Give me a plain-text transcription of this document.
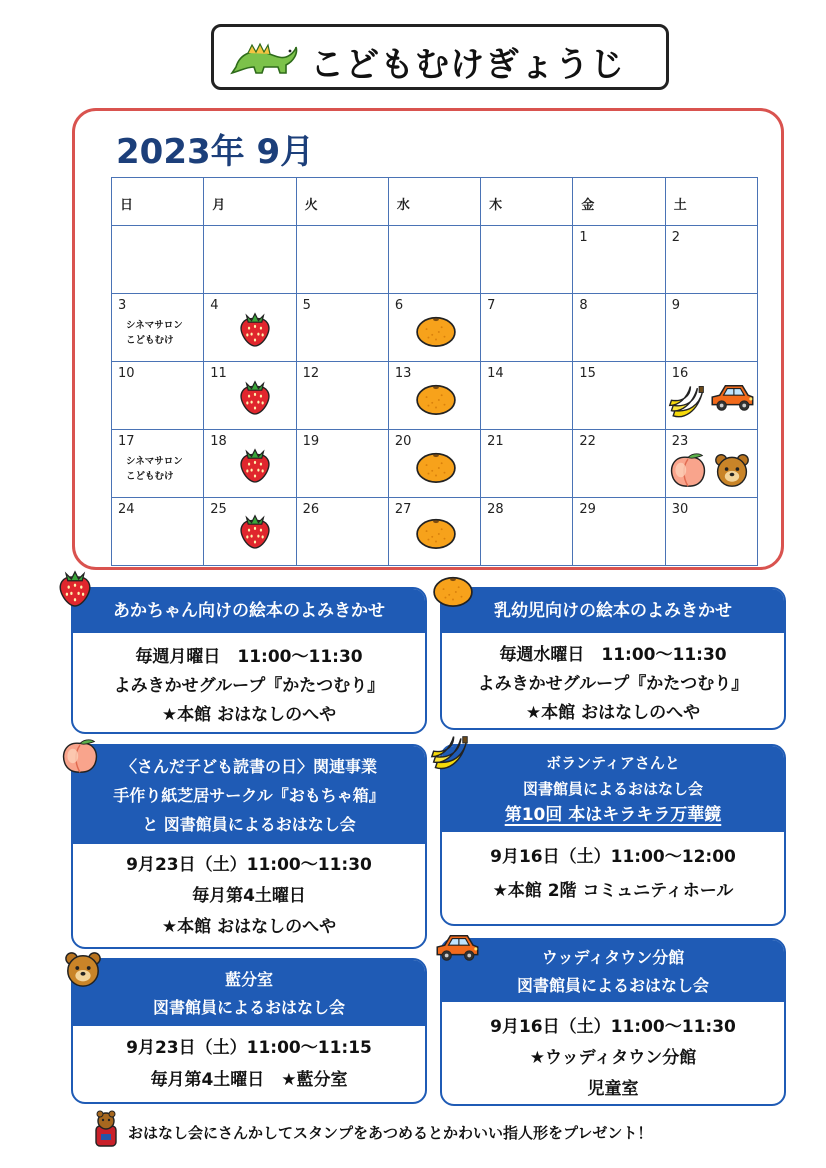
こどもむけぎょうじ
2023年 9月
日	月	火	水	木	金	土

					1	2

3
シネマサロン
こどもむけ	4	5	6	7	8	9

10	11	12	13	14	15	16

17
シネマサロン
こどもむけ	18	19	20	21	22	23

24	25	26	27	28	29	30
あかちゃん向けの絵本のよみきかせ
毎週月曜日　11:00～11:30
よみきかせグループ『かたつむり』
★本館 おはなしのへや
乳幼児向けの絵本のよみきかせ
毎週水曜日　11:00～11:30
よみきかせグループ『かたつむり』
★本館 おはなしのへや
〈さんだ子ども読書の日〉関連事業
手作り紙芝居サークル『おもちゃ箱』
と 図書館員によるおはなし会
9月23日（土）11:00～11:30
毎月第4土曜日
★本館 おはなしのへや
ボランティアさんと
図書館員によるおはなし会
第10回 本はキラキラ万華鏡
9月16日（土）11:00～12:00
★本館 2階 コミュニティホール
藍分室
図書館員によるおはなし会
9月23日（土）11:00～11:15
毎月第4土曜日　★藍分室
ウッディタウン分館
図書館員によるおはなし会
9月16日（土）11:00～11:30
★ウッディタウン分館
児童室
おはなし会にさんかしてスタンプをあつめるとかわいい指人形をプレゼント！
